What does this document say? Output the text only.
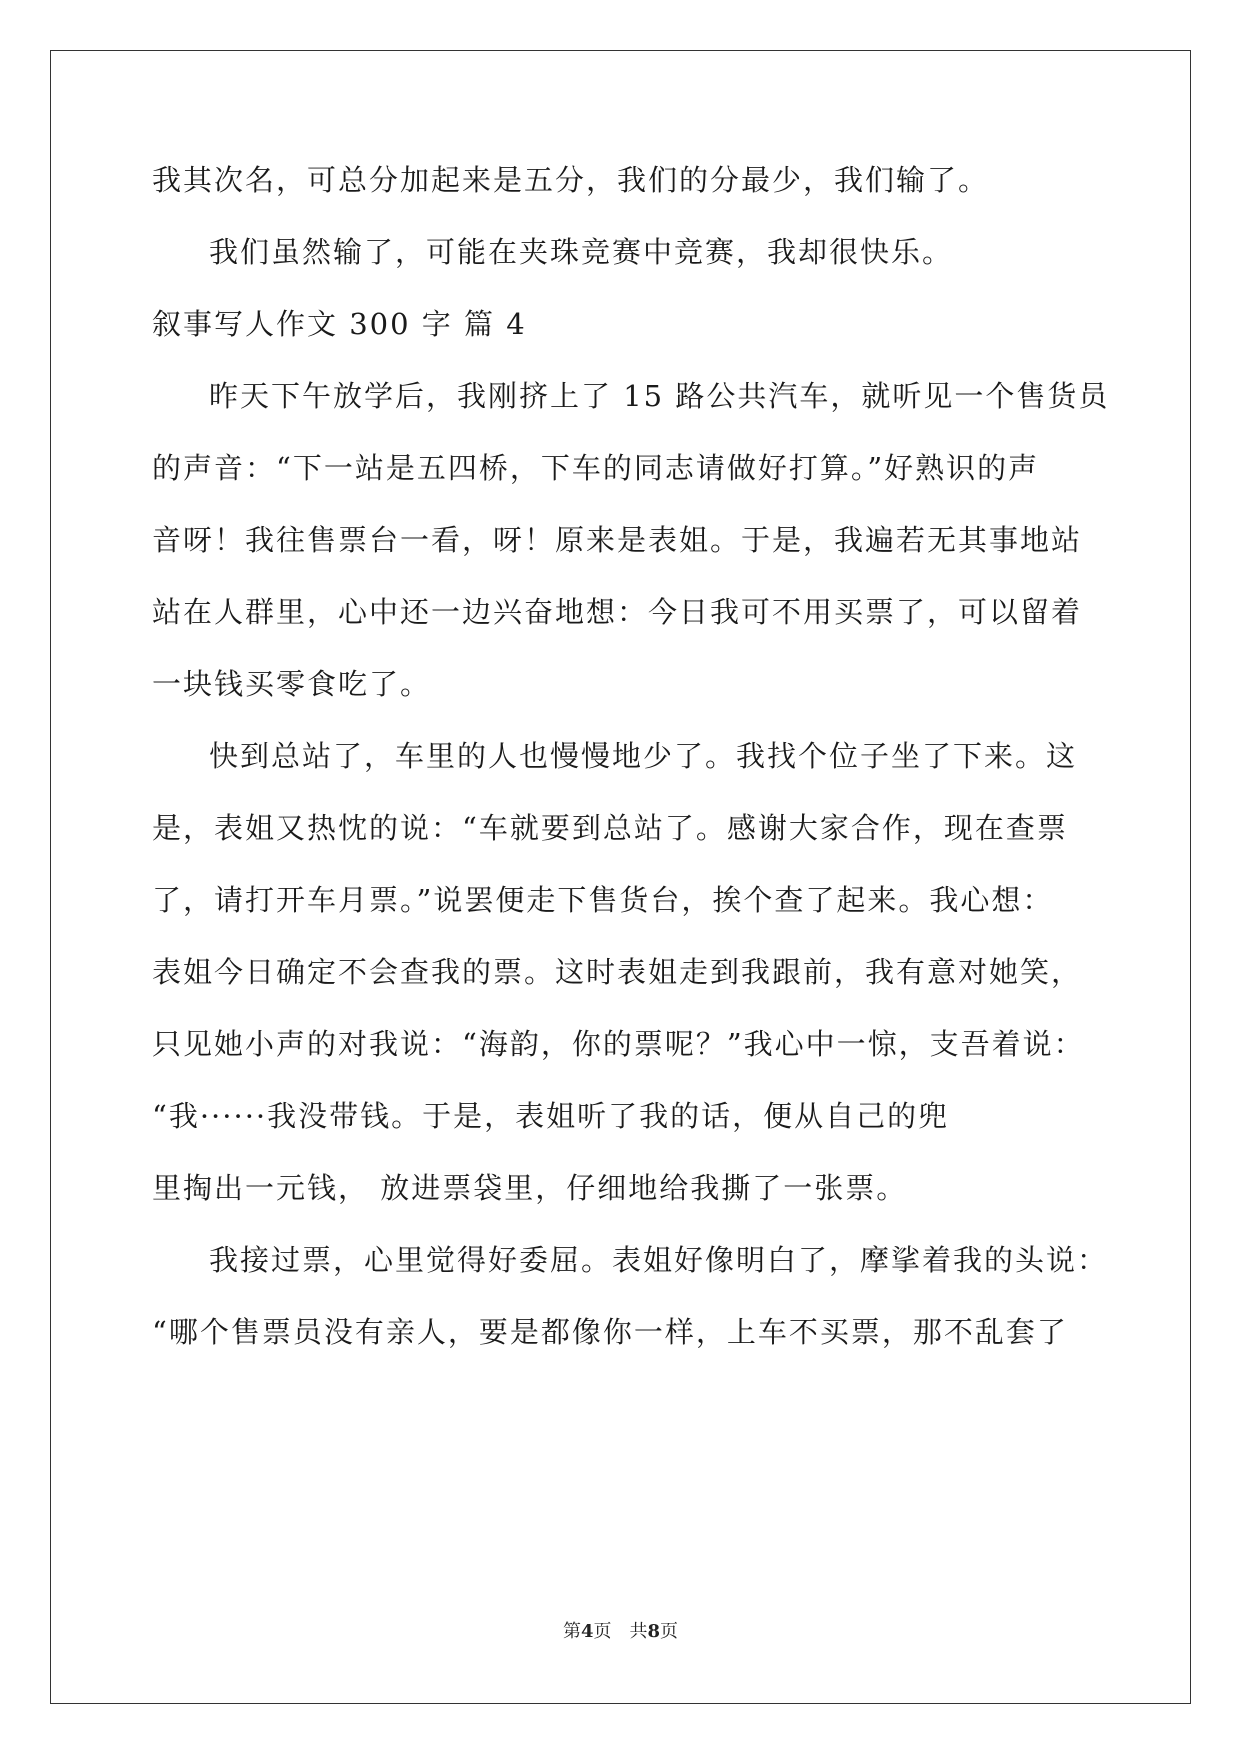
我其次名，可总分加起来是五分，我们的分最少，我们输了。
我们虽然输了，可能在夹珠竞赛中竞赛，我却很快乐。
叙事写人作文 300 字 篇 4
昨天下午放学后，我刚挤上了 15 路公共汽车，就听见一个售货员
的声音：“下一站是五四桥，下车的同志请做好打算。”好熟识的声
音呀！我往售票台一看，呀！原来是表姐。于是，我遍若无其事地站
站在人群里，心中还一边兴奋地想：今日我可不用买票了，可以留着
一块钱买零食吃了。
快到总站了，车里的人也慢慢地少了。我找个位子坐了下来。这
是，表姐又热忱的说：“车就要到总站了。感谢大家合作，现在查票
了，请打开车月票。”说罢便走下售货台，挨个查了起来。我心想：
表姐今日确定不会查我的票。这时表姐走到我跟前，我有意对她笑，
只见她小声的对我说：“海韵，你的票呢？”我心中一惊，支吾着说：
“我······我没带钱。于是，表姐听了我的话，便从自己的兜
里掏出一元钱， 放进票袋里，仔细地给我撕了一张票。
我接过票，心里觉得好委屈。表姐好像明白了，摩挲着我的头说：
“哪个售票员没有亲人，要是都像你一样，上车不买票，那不乱套了
第4页　共8页
